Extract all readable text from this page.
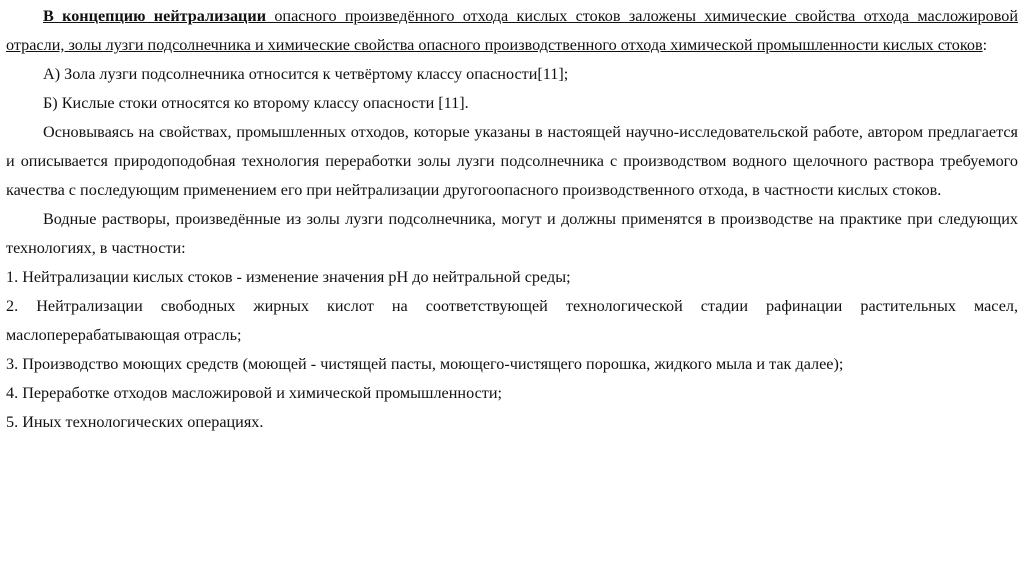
В концепцию нейтрализации опасного произведённого отхода кислых стоков заложены химические свойства отхода масложировой отрасли, золы лузги подсолнечника и химические свойства опасного производственного отхода химической промышленности кислых стоков:

А) Зола лузги подсолнечника относится к четвёртому классу опасности[11];

Б) Кислые стоки относятся ко второму классу опасности [11].

Основываясь на свойствах, промышленных отходов, которые указаны в настоящей научно-исследовательской работе, автором предлагается и описывается природоподобная технология переработки золы лузги подсолнечника с производством водного щелочного раствора требуемого качества с последующим применением его при нейтрализации другогоопасного производственного отхода, в частности кислых стоков.

Водные растворы, произведённые из золы лузги подсолнечника, могут и должны применятся в производстве на практике при следующих технологиях, в частности:

1. Нейтрализации кислых стоков - изменение значения pH до нейтральной среды;

2. Нейтрализации свободных жирных кислот на соответствующей технологической стадии рафинации растительных масел, маслоперерабатывающая отрасль;

3. Производство моющих средств (моющей - чистящей пасты, моющего-чистящего порошка, жидкого мыла и так далее);

4. Переработке отходов масложировой и химической промышленности;

5. Иных технологических операциях.
